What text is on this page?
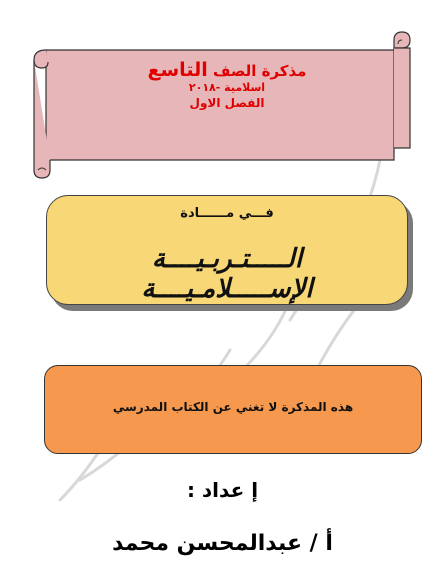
مذكرة الصف التاسع
اسلامية -٢٠١٨
الفصل الاول
فـــي مــــــادة
الـــــتـربـيــــة الإســـــلامـيــــة
هذه المذكرة لا تغني عن الكتاب المدرسي
إ عداد :
أ / عبدالمحسن محمد
